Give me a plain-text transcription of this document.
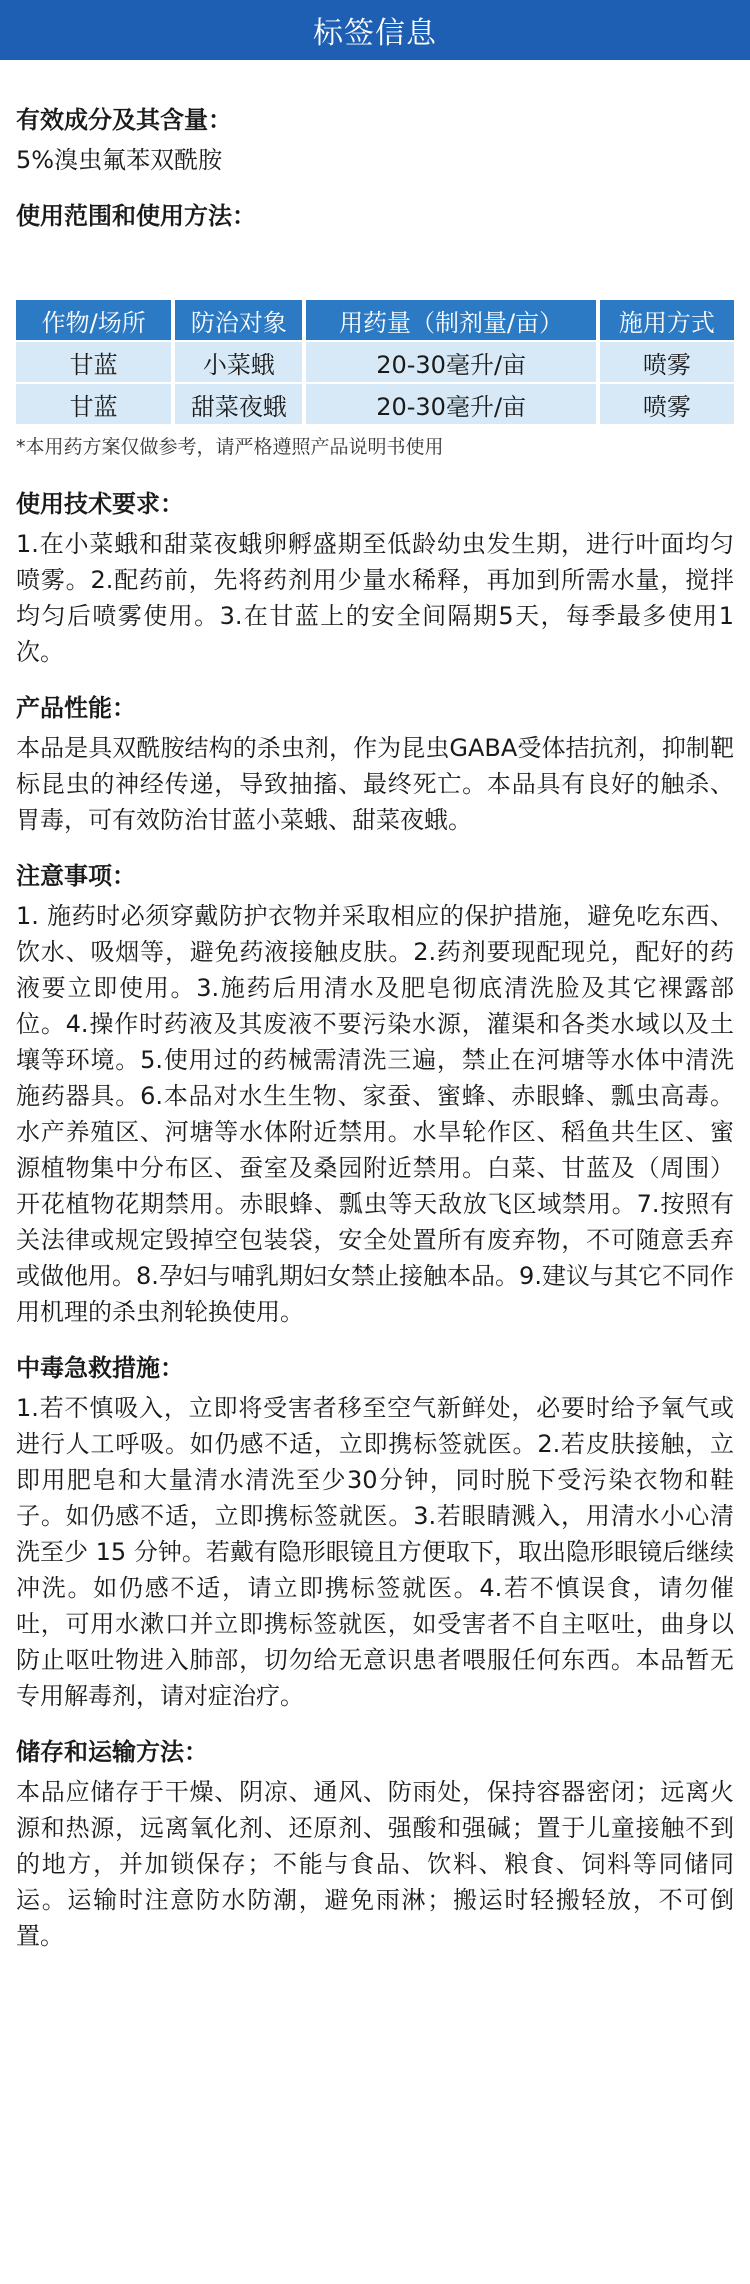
标签信息
有效成分及其含量：
5%溴虫氟苯双酰胺
使用范围和使用方法：
作物/场所	防治对象	用药量（制剂量/亩）	施用方式
甘蓝	小菜蛾	20-30毫升/亩	喷雾
甘蓝	甜菜夜蛾	20-30毫升/亩	喷雾
*本用药方案仅做参考，请严格遵照产品说明书使用
使用技术要求：
1.在小菜蛾和甜菜夜蛾卵孵盛期至低龄幼虫发生期，进行叶面均匀喷雾。2.配药前，先将药剂用少量水稀释，再加到所需水量，搅拌均匀后喷雾使用。3.在甘蓝上的安全间隔期5天，每季最多使用1次。
产品性能：
本品是具双酰胺结构的杀虫剂，作为昆虫GABA受体拮抗剂，抑制靶标昆虫的神经传递，导致抽搐、最终死亡。本品具有良好的触杀、胃毒，可有效防治甘蓝小菜蛾、甜菜夜蛾。
注意事项：
1. 施药时必须穿戴防护衣物并采取相应的保护措施，避免吃东西、饮水、吸烟等，避免药液接触皮肤。2.药剂要现配现兑，配好的药液要立即使用。3.施药后用清水及肥皂彻底清洗脸及其它裸露部位。4.操作时药液及其废液不要污染水源，灌渠和各类水域以及土壤等环境。5.使用过的药械需清洗三遍，禁止在河塘等水体中清洗施药器具。6.本品对水生生物、家蚕、蜜蜂、赤眼蜂、瓢虫高毒。水产养殖区、河塘等水体附近禁用。水旱轮作区、稻鱼共生区、蜜源植物集中分布区、蚕室及桑园附近禁用。白菜、甘蓝及（周围）开花植物花期禁用。赤眼蜂、瓢虫等天敌放飞区域禁用。7.按照有关法律或规定毁掉空包装袋，安全处置所有废弃物，不可随意丢弃或做他用。8.孕妇与哺乳期妇女禁止接触本品。9.建议与其它不同作用机理的杀虫剂轮换使用。
中毒急救措施：
1.若不慎吸入，立即将受害者移至空气新鲜处，必要时给予氧气或进行人工呼吸。如仍感不适，立即携标签就医。2.若皮肤接触，立即用肥皂和大量清水清洗至少30分钟，同时脱下受污染衣物和鞋子。如仍感不适，立即携标签就医。3.若眼睛溅入，用清水小心清洗至少 15 分钟。若戴有隐形眼镜且方便取下，取出隐形眼镜后继续冲洗。如仍感不适，请立即携标签就医。4.若不慎误食，请勿催吐，可用水漱口并立即携标签就医，如受害者不自主呕吐，曲身以防止呕吐物进入肺部，切勿给无意识患者喂服任何东西。本品暂无专用解毒剂，请对症治疗。
储存和运输方法：
本品应储存于干燥、阴凉、通风、防雨处，保持容器密闭；远离火源和热源，远离氧化剂、还原剂、强酸和强碱；置于儿童接触不到的地方，并加锁保存；不能与食品、饮料、粮食、饲料等同储同运。运输时注意防水防潮，避免雨淋；搬运时轻搬轻放，不可倒置。
